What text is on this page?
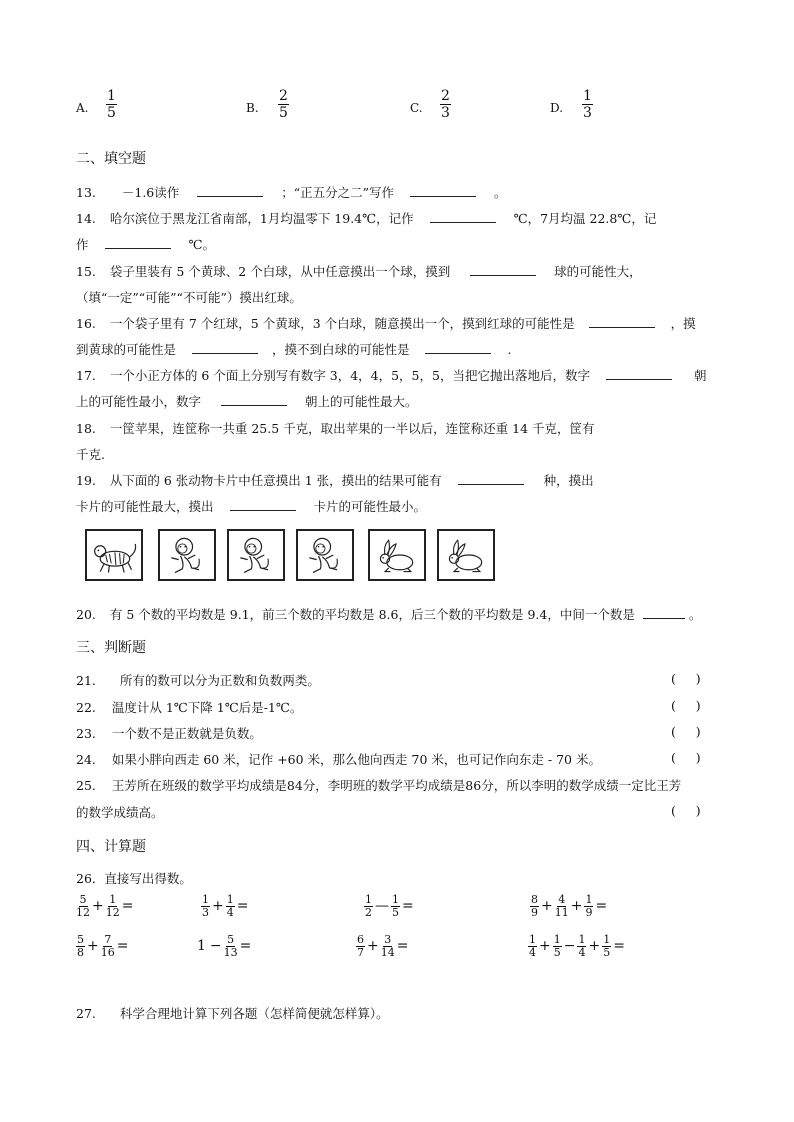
A. $\frac{1}{5}$	B. $\frac{2}{5}$	C. $\frac{2}{3}$	D. $\frac{1}{3}$
二、填空题
13. －1.6读作	；“正五分之二”写作	。
14. 哈尔滨位于黑龙江省南部，1月均温零下 19.4℃，记作	℃，7月均温 22.8℃，记
作	℃。
15. 袋子里装有 5 个黄球、2 个白球，从中任意摸出一个球，摸到	球的可能性大，
（填“一定”“可能”“不可能”）摸出红球。
16. 一个袋子里有 7 个红球，5 个黄球，3 个白球，随意摸出一个，摸到红球的可能性是	，摸
到黄球的可能性是	，摸不到白球的可能性是	.
17. 一个小正方体的 6 个面上分别写有数字 3，4，4，5，5，5，当把它抛出落地后，数字	朝
上的可能性最小，数字	朝上的可能性最大。
18. 一筐苹果，连筐称一共重 25.5 千克，取出苹果的一半以后，连筐称还重 14 千克，筐有
千克.
19. 从下面的 6 张动物卡片中任意摸出 1 张，摸出的结果可能有	种，摸出
卡片的可能性最大，摸出	卡片的可能性最小。
20. 有 5 个数的平均数是 9.1，前三个数的平均数是 8.6，后三个数的平均数是 9.4，中间一个数是	。
三、判断题
21. 所有的数可以分为正数和负数两类。	(     )
22. 温度计从 1℃下降 1℃后是-1℃。	(     )
23. 一个数不是正数就是负数。	(     )
24. 如果小胖向西走 60 米，记作 +60 米，那么他向西走 70 米，也可记作向东走 - 70 米。	(     )
25. 王芳所在班级的数学平均成绩是84分，李明班的数学平均成绩是86分，所以李明的数学成绩一定比王芳
的数学成绩高。	(     )
四、计算题
26．直接写出得数。
$\frac{5}{12} + \frac{1}{12}$ =	$\frac{1}{3} + \frac{1}{4}$ =	$\frac{1}{2}$ — $\frac{1}{5}$ =	$\frac{8}{9} + \frac{4}{11} + \frac{1}{9}$ =
$\frac{5}{8} + \frac{7}{16}$ =	$1 - \frac{5}{13}$ =	$\frac{6}{7} + \frac{3}{14}$ =	$\frac{1}{4} + \frac{1}{5} - \frac{1}{4} + \frac{1}{5}$ =
27. 科学合理地计算下列各题（怎样简便就怎样算）。
